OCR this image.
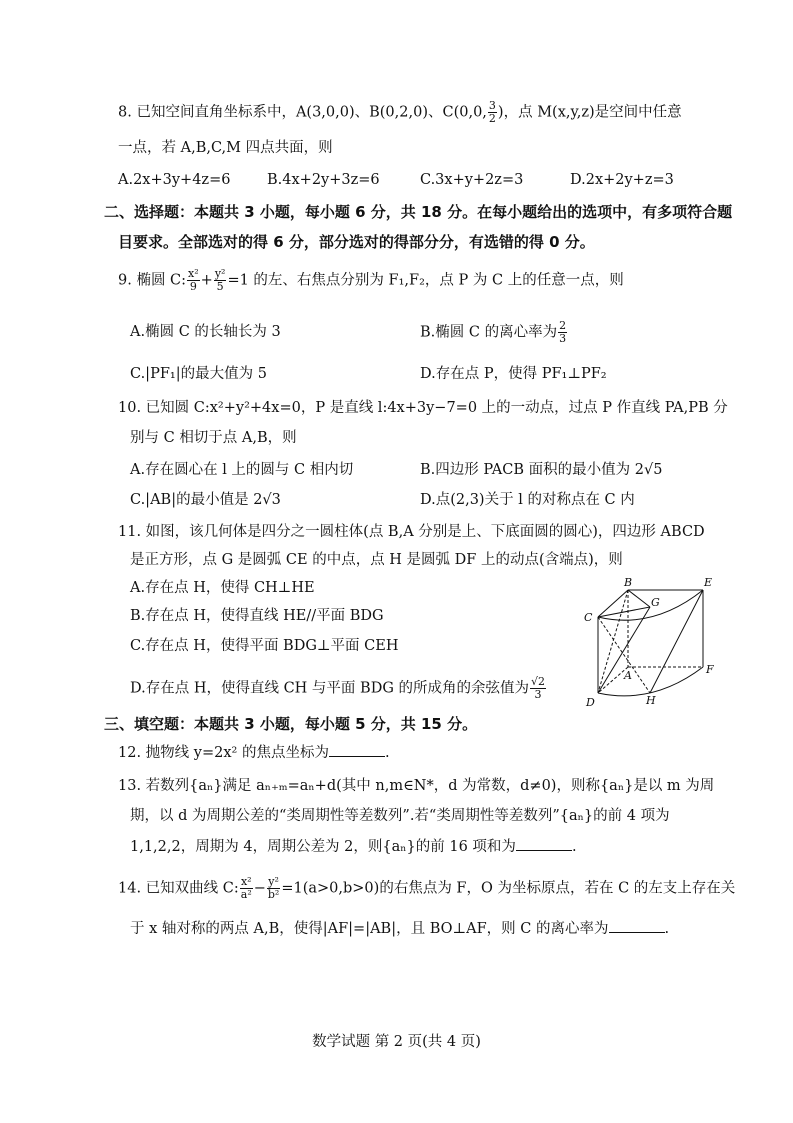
8. 已知空间直角坐标系中，A(3,0,0)、B(0,2,0)、C(0,0, $\frac{3}{2}$ )，点 M(x,y,z)是空间中任意
一点，若 A,B,C,M 四点共面，则
A.2x+3y+4z=6	B.4x+2y+3z=6	C.3x+y+2z=3	D.2x+2y+z=3
二、选择题：本题共 3 小题，每小题 6 分，共 18 分。在每小题给出的选项中，有多项符合题
目要求。全部选对的得 6 分，部分选对的得部分分，有选错的得 0 分。
9. 椭圆 C: $\frac{\text{x²}}{9} + \frac{\text{y²}}{5} =1$ 的左、右焦点分别为 F₁,F₂，点 P 为 C 上的任意一点，则
A.椭圆 C 的长轴长为 3	B.椭圆 C 的离心率为 $\frac{2}{3}$
C.|PF₁|的最大值为 5	D.存在点 P，使得 PF₁⊥PF₂
10. 已知圆 C:x²+y²+4x=0，P 是直线 l:4x+3y−7=0 上的一动点，过点 P 作直线 PA,PB 分
别与 C 相切于点 A,B，则
A.存在圆心在 l 上的圆与 C 相内切	B.四边形 PACB 面积的最小值为 2√5
C.|AB|的最小值是 2√3	D.点(2,3)关于 l 的对称点在 C 内
11. 如图，该几何体是四分之一圆柱体(点 B,A 分别是上、下底面圆的圆心)，四边形 ABCD
是正方形，点 G 是圆弧 CE 的中点，点 H 是圆弧 DF 上的动点(含端点)，则
A.存在点 H，使得 CH⊥HE
B.存在点 H，使得直线 HE//平面 BDG
C.存在点 H，使得平面 BDG⊥平面 CEH
D.存在点 H，使得直线 CH 与平面 BDG 的所成角的余弦值为 $\frac{√2}{3}$
B	E
G
C
A	F
D	H
三、填空题：本题共 3 小题，每小题 5 分，共 15 分。
12. 抛物线 y=2x² 的焦点坐标为	.
13. 若数列{aₙ}满足 aₙ₊ₘ=aₙ+d(其中 n,m∈N*，d 为常数，d≠0)，则称{aₙ}是以 m 为周
期，以 d 为周期公差的“类周期性等差数列”.若“类周期性等差数列”{aₙ}的前 4 项为
1,1,2,2，周期为 4，周期公差为 2，则{aₙ}的前 16 项和为	.
14. 已知双曲线 C: $\frac{\text{x²}}{\text{a²}} - \frac{\text{y²}}{\text{b²}} =1(a>0,b>0)$的右焦点为 F，O 为坐标原点，若在 C 的左支上存在关
于 x 轴对称的两点 A,B，使得|AF|=|AB|，且 BO⊥AF，则 C 的离心率为	.
数学试题 第 2 页(共 4 页)
